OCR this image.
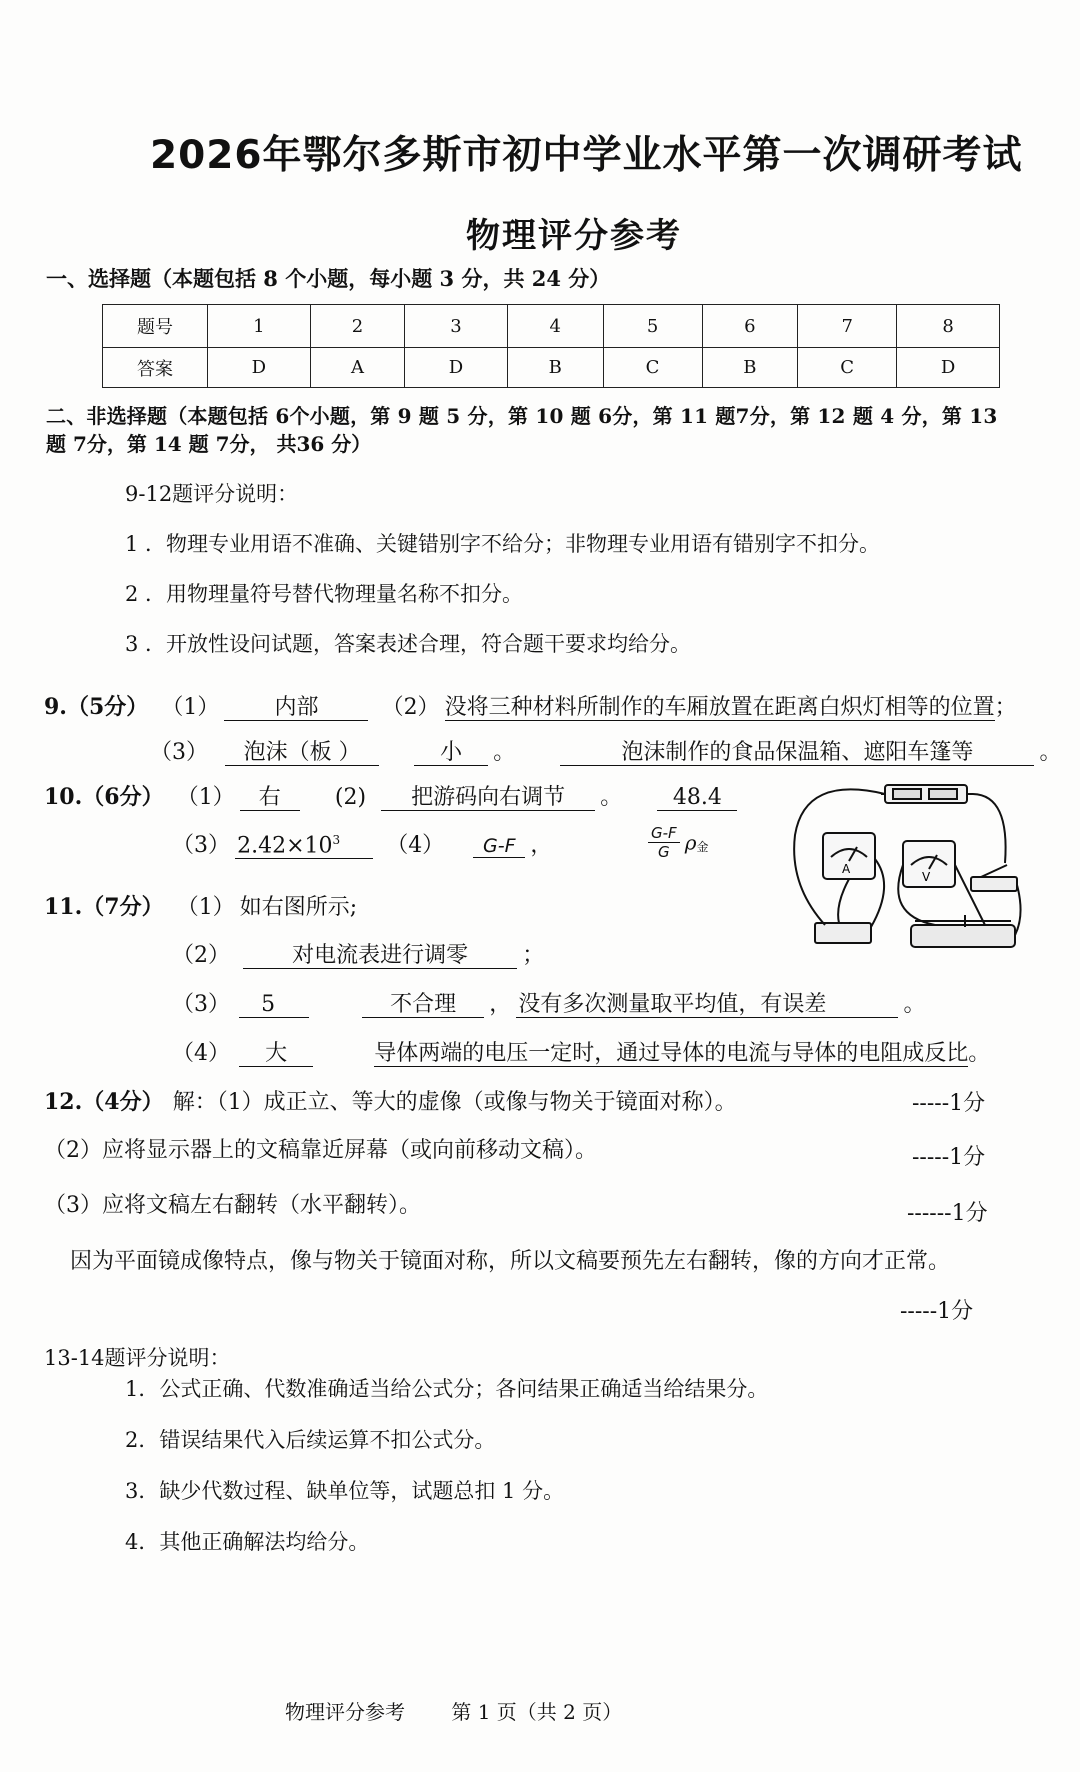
2026年鄂尔多斯市初中学业水平第一次调研考试
物理评分参考
一、选择题（本题包括 8 个小题，每小题 3 分，共 24 分）
题号	1	2	3	4	5	6	7	8
答案	D	A	D	B	C	B	C	D
二、非选择题（本题包括 6个小题，第 9 题 5 分，第 10 题 6分，第 11 题7分，第 12 题 4 分，第 13
题 7分，第 14 题 7分， 共36 分）
9-12题评分说明：
1 ．物理专业用语不准确、关键错别字不给分；非物理专业用语有错别字不扣分。
2 ．用物理量符号替代物理量名称不扣分。
3 ．开放性设问试题，答案表述合理，符合题干要求均给分。
9.（5分） （1）	内部	（2） 没将三种材料所制作的车厢放置在距离白炽灯相等的位置；
（3） 泡沫（板 ）	小 。	泡沫制作的食品保温箱、遮阳车篷等	。
10.（6分） （1） 右 (2) 把游码向右调节 。 48.4
（3） $2.42\times 10^3$ （4） G-F ，	$\frac{G-F}{G} \rho_金$
A
V
11.（7分） （1） 如右图所示;
（2）	对电流表进行调零 ；
（3） 5	不合理 ， 没有多次测量取平均值，有误差	。
（4） 大	导体两端的电压一定时，通过导体的电流与导体的电阻成反比。
12.（4分） 解：（1）成正立、等大的虚像（或像与物关于镜面对称）。	-----1分
（2）应将显示器上的文稿靠近屏幕（或向前移动文稿）。	-----1分
（3）应将文稿左右翻转（水平翻转）。	------1分
因为平面镜成像特点，像与物关于镜面对称，所以文稿要预先左右翻转，像的方向才正常。
-----1分
13-14题评分说明：
1．公式正确、代数准确适当给公式分；各问结果正确适当给结果分。
2．错误结果代入后续运算不扣公式分。
3．缺少代数过程、缺单位等，试题总扣 1 分。
4．其他正确解法均给分。
物理评分参考 第 1 页（共 2 页）
